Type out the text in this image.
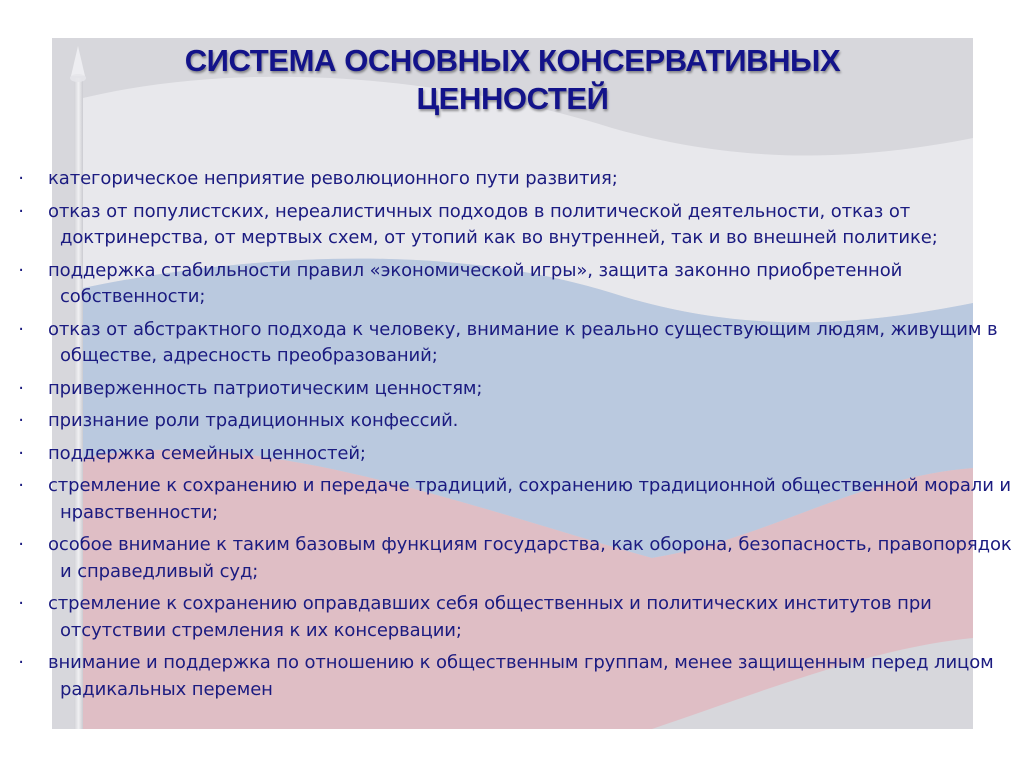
СИСТЕМА ОСНОВНЫХ КОНСЕРВАТИВНЫХ
ЦЕННОСТЕЙ
· категорическое неприятие революционного пути развития;
· отказ от популистских, нереалистичных подходов в политической деятельности, отказ от доктринерства, от мертвых схем, от утопий как во внутренней, так и во внешней политике;
· поддержка стабильности правил «экономической игры», защита законно приобретенной собственности;
· отказ от абстрактного подхода к человеку, внимание к реально существующим людям, живущим в обществе, адресность преобразований;
· приверженность патриотическим ценностям;
· признание роли традиционных конфессий.
· поддержка семейных ценностей;
· стремление к сохранению и передаче традиций, сохранению традиционной общественной морали и нравственности;
· особое внимание к таким базовым функциям государства, как оборона, безопасность, правопорядок и справедливый суд;
· стремление к сохранению оправдавших себя общественных и политических институтов при отсутствии стремления к их консервации;
· внимание и поддержка по отношению к общественным группам, менее защищенным перед лицом радикальных перемен
